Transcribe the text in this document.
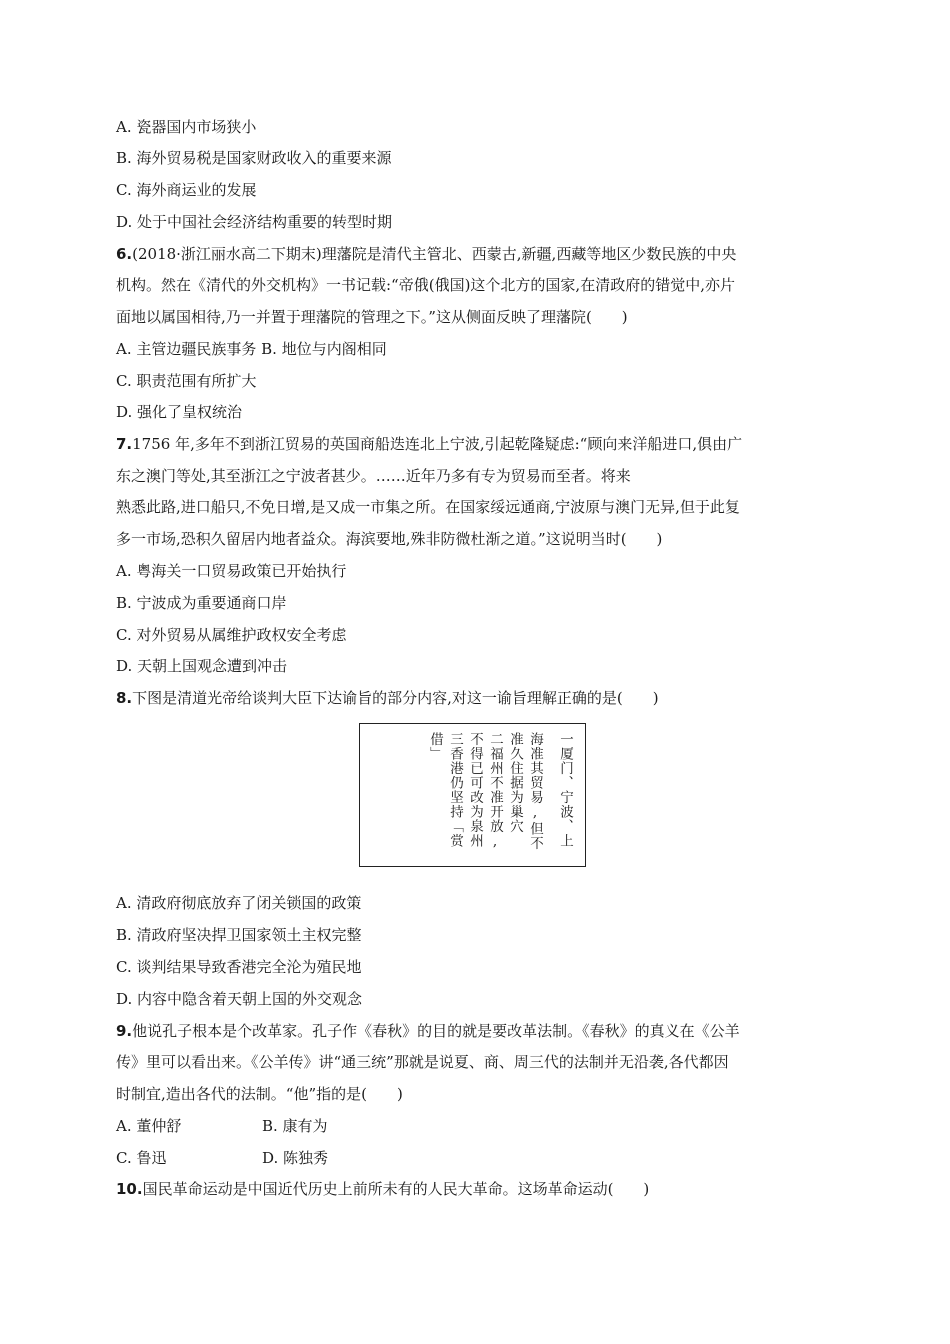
A. 瓷器国内市场狭小
B. 海外贸易税是国家财政收入的重要来源
C. 海外商运业的发展
D. 处于中国社会经济结构重要的转型时期
6.(2018·浙江丽水高二下期末)理藩院是清代主管北、西蒙古,新疆,西藏等地区少数民族的中央
机构。然在《清代的外交机构》一书记载:“帝俄(俄国)这个北方的国家,在清政府的错觉中,亦片
面地以属国相待,乃一并置于理藩院的管理之下。”这从侧面反映了理藩院(　　)
A. 主管边疆民族事务 B. 地位与内阁相同
C. 职责范围有所扩大
D. 强化了皇权统治
7.1756 年,多年不到浙江贸易的英国商船迭连北上宁波,引起乾隆疑虑:“顾向来洋船进口,俱由广
东之澳门等处,其至浙江之宁波者甚少。……近年乃多有专为贸易而至者。将来
熟悉此路,进口船只,不免日增,是又成一市集之所。在国家绥远通商,宁波原与澳门无异,但于此复
多一市场,恐积久留居内地者益众。海滨要地,殊非防微杜渐之道。”这说明当时(　　)
A. 粤海关一口贸易政策已开始执行
B. 宁波成为重要通商口岸
C. 对外贸易从属维护政权安全考虑
D. 天朝上国观念遭到冲击
8.下图是清道光帝给谈判大臣下达谕旨的部分内容,对这一谕旨理解正确的是(　　)
一厦门、宁波、上
海准其贸易,但不
准久住据为巢穴
二福州不准开放,
不得已可改为泉州
三香港仍坚持「赏
借」
A. 清政府彻底放弃了闭关锁国的政策
B. 清政府坚决捍卫国家领土主权完整
C. 谈判结果导致香港完全沦为殖民地
D. 内容中隐含着天朝上国的外交观念
9.他说孔子根本是个改革家。孔子作《春秋》的目的就是要改革法制。《春秋》的真义在《公羊
传》里可以看出来。《公羊传》讲“通三统”那就是说夏、商、周三代的法制并无沿袭,各代都因
时制宜,造出各代的法制。“他”指的是(　　)
A. 董仲舒	B. 康有为
C. 鲁迅	D. 陈独秀
10.国民革命运动是中国近代历史上前所未有的人民大革命。这场革命运动(　　)
